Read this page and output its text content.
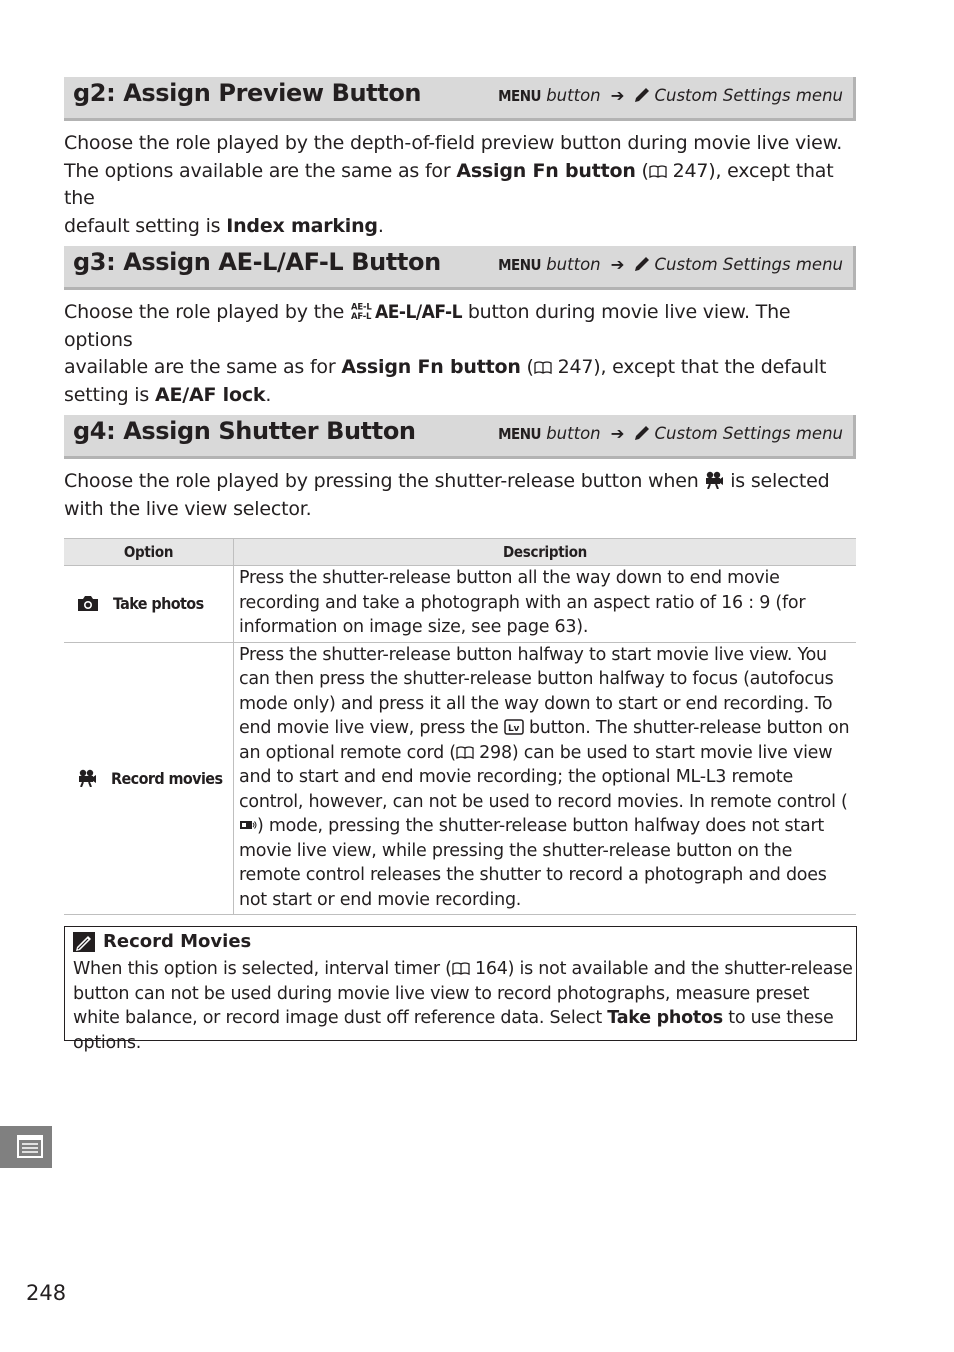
g2: Assign Preview Button	MENU button ➔ Custom Settings menu
Choose the role played by the depth-of-field preview button during movie live view.
The options available are the same as for Assign Fn button ( 247), except that the
default setting is Index marking.
g3: Assign AE-L/AF-L Button	MENU button ➔ Custom Settings menu
Choose the role played by the AE-L
AF-L AE-L/AF-L button during movie live view. The options
available are the same as for Assign Fn button ( 247), except that the default
setting is AE/AF lock.
g4: Assign Shutter Button	MENU button ➔ Custom Settings menu
Choose the role played by pressing the shutter-release button when  is selected
with the live view selector.
Option	Description

Take photos	Press the shutter-release button all the way down to end movie recording and take a photograph with an aspect ratio of 16 : 9 (for information on image size, see page 63).

Record movies	Press the shutter-release button halfway to start movie live view. You can then press the shutter-release button halfway to focus (autofocus mode only) and press it all the way down to start or end recording. To end movie live view, press the Lv button. The shutter-release button on an optional remote cord ( 298) can be used to start movie live view and to start and end movie recording; the optional ML-L3 remote control, however, can not be used to record movies. In remote control () mode, pressing the shutter-release button halfway does not start movie live view, while pressing the shutter-release button on the remote control releases the shutter to record a photograph and does not start or end movie recording.
Record Movies
When this option is selected, interval timer ( 164) is not available and the shutter-release button can not be used during movie live view to record photographs, measure preset white balance, or record image dust off reference data. Select Take photos to use these options.
248
